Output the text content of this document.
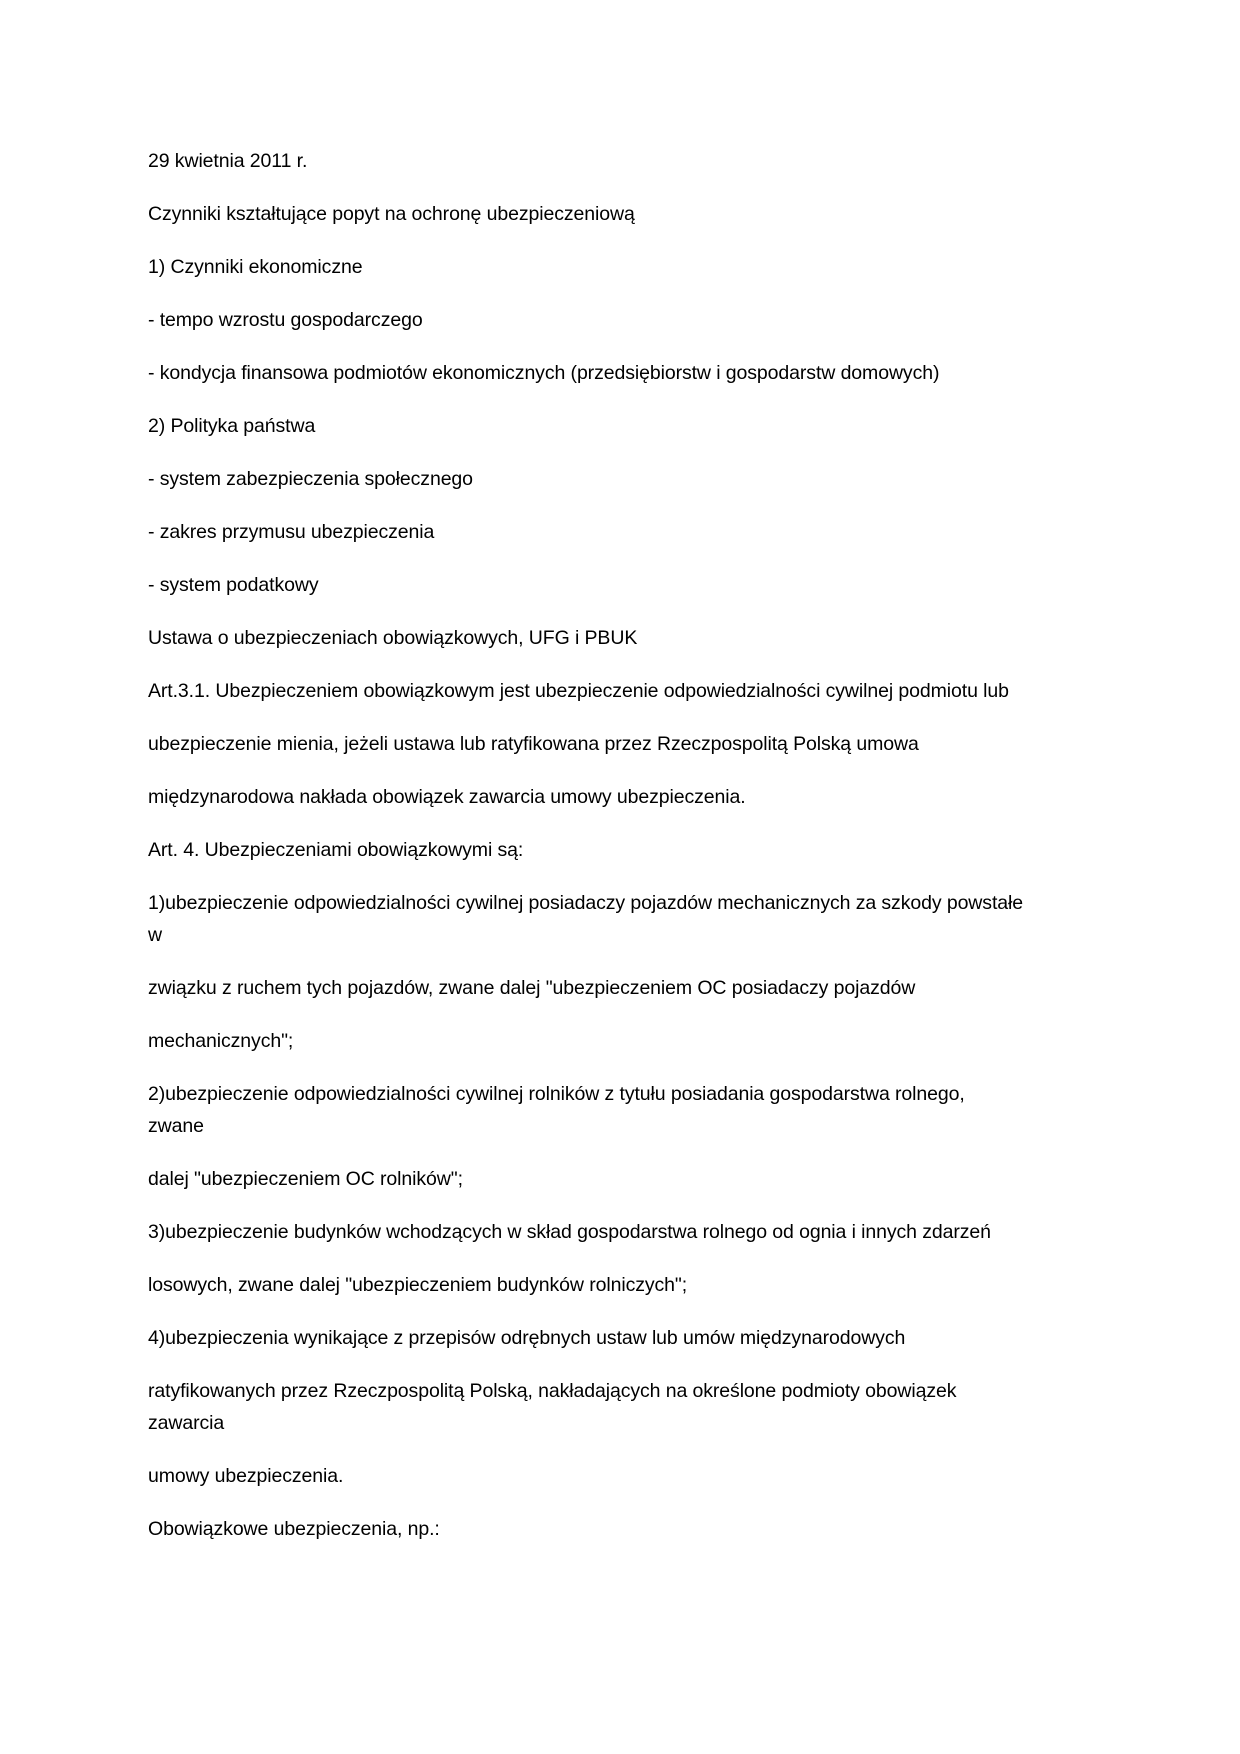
29 kwietnia 2011 r.
Czynniki kształtujące popyt na ochronę ubezpieczeniową
1) Czynniki ekonomiczne
- tempo wzrostu gospodarczego
- kondycja finansowa podmiotów ekonomicznych (przedsiębiorstw i gospodarstw domowych)
2) Polityka państwa
- system zabezpieczenia społecznego
- zakres przymusu ubezpieczenia
- system podatkowy
Ustawa o ubezpieczeniach obowiązkowych, UFG i PBUK
Art.3.1. Ubezpieczeniem obowiązkowym jest ubezpieczenie odpowiedzialności cywilnej podmiotu lub
ubezpieczenie mienia, jeżeli ustawa lub ratyfikowana przez Rzeczpospolitą Polską umowa
międzynarodowa nakłada obowiązek zawarcia umowy ubezpieczenia.
Art. 4. Ubezpieczeniami obowiązkowymi są:
1)ubezpieczenie odpowiedzialności cywilnej posiadaczy pojazdów mechanicznych za szkody powstałe
w
związku z ruchem tych pojazdów, zwane dalej "ubezpieczeniem OC posiadaczy pojazdów
mechanicznych";
2)ubezpieczenie odpowiedzialności cywilnej rolników z tytułu posiadania gospodarstwa rolnego,
zwane
dalej "ubezpieczeniem OC rolników";
3)ubezpieczenie budynków wchodzących w skład gospodarstwa rolnego od ognia i innych zdarzeń
losowych, zwane dalej "ubezpieczeniem budynków rolniczych";
4)ubezpieczenia wynikające z przepisów odrębnych ustaw lub umów międzynarodowych
ratyfikowanych przez Rzeczpospolitą Polską, nakładających na określone podmioty obowiązek
zawarcia
umowy ubezpieczenia.
Obowiązkowe ubezpieczenia, np.:
